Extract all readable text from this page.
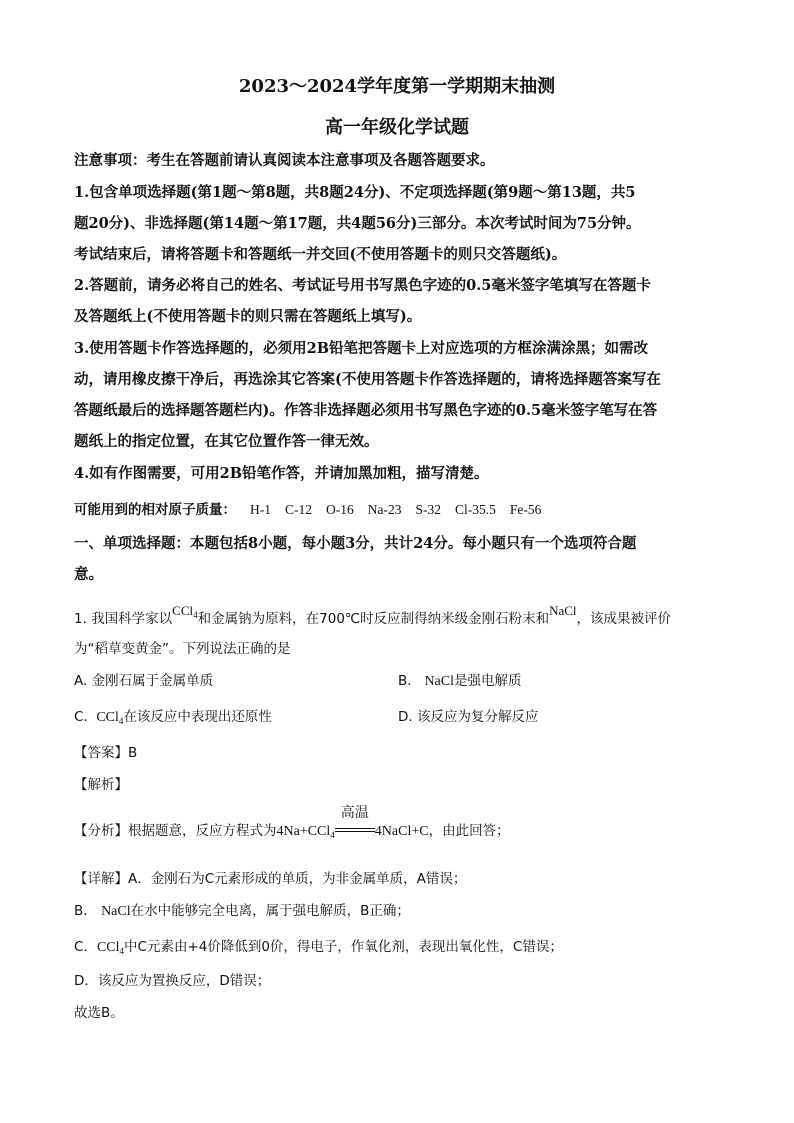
2023～2024学年度第一学期期末抽测
高一年级化学试题
注意事项：考生在答题前请认真阅读本注意事项及各题答题要求。
1.包含单项选择题(第1题～第8题，共8题24分)、不定项选择题(第9题～第13题，共5
题20分)、非选择题(第14题～第17题，共4题56分)三部分。本次考试时间为75分钟。
考试结束后，请将答题卡和答题纸一并交回(不使用答题卡的则只交答题纸)。
2.答题前，请务必将自己的姓名、考试证号用书写黑色字迹的0.5毫米签字笔填写在答题卡
及答题纸上(不使用答题卡的则只需在答题纸上填写)。
3.使用答题卡作答选择题的，必须用2B铅笔把答题卡上对应选项的方框涂满涂黑；如需改
动，请用橡皮擦干净后，再选涂其它答案(不使用答题卡作答选择题的，请将选择题答案写在
答题纸最后的选择题答题栏内)。作答非选择题必须用书写黑色字迹的0.5毫米签字笔写在答
题纸上的指定位置，在其它位置作答一律无效。
4.如有作图需要，可用2B铅笔作答，并请加黑加粗，描写清楚。
可能用到的相对原子质量： H-1 C-12 O-16 Na-23 S-32 Cl-35.5 Fe-56
一、单项选择题：本题包括8小题，每小题3分，共计24分。每小题只有一个选项符合题
意。
1. 我国科学家以CCl$_4$和金属钠为原料，在700℃时反应制得纳米级金刚石粉末和NaCl，该成果被评价
为“稻草变黄金”。下列说法正确的是
A. 金刚石属于金属单质	B. NaCl是强电解质
C. CCl$_4$在该反应中表现出还原性	D. 该反应为复分解反应
【答案】B
【解析】
【分析】根据题意，反应方程式为4Na+CCl$_4$
高温
4NaCl+C，由此回答；
【详解】A．金刚石为C元素形成的单质，为非金属单质，A错误；
B． NaCl在水中能够完全电离，属于强电解质，B正确；
C．CCl$_4$中C元素由+4价降低到0价，得电子，作氧化剂，表现出氧化性，C错误；
D．该反应为置换反应，D错误；
故选B。
